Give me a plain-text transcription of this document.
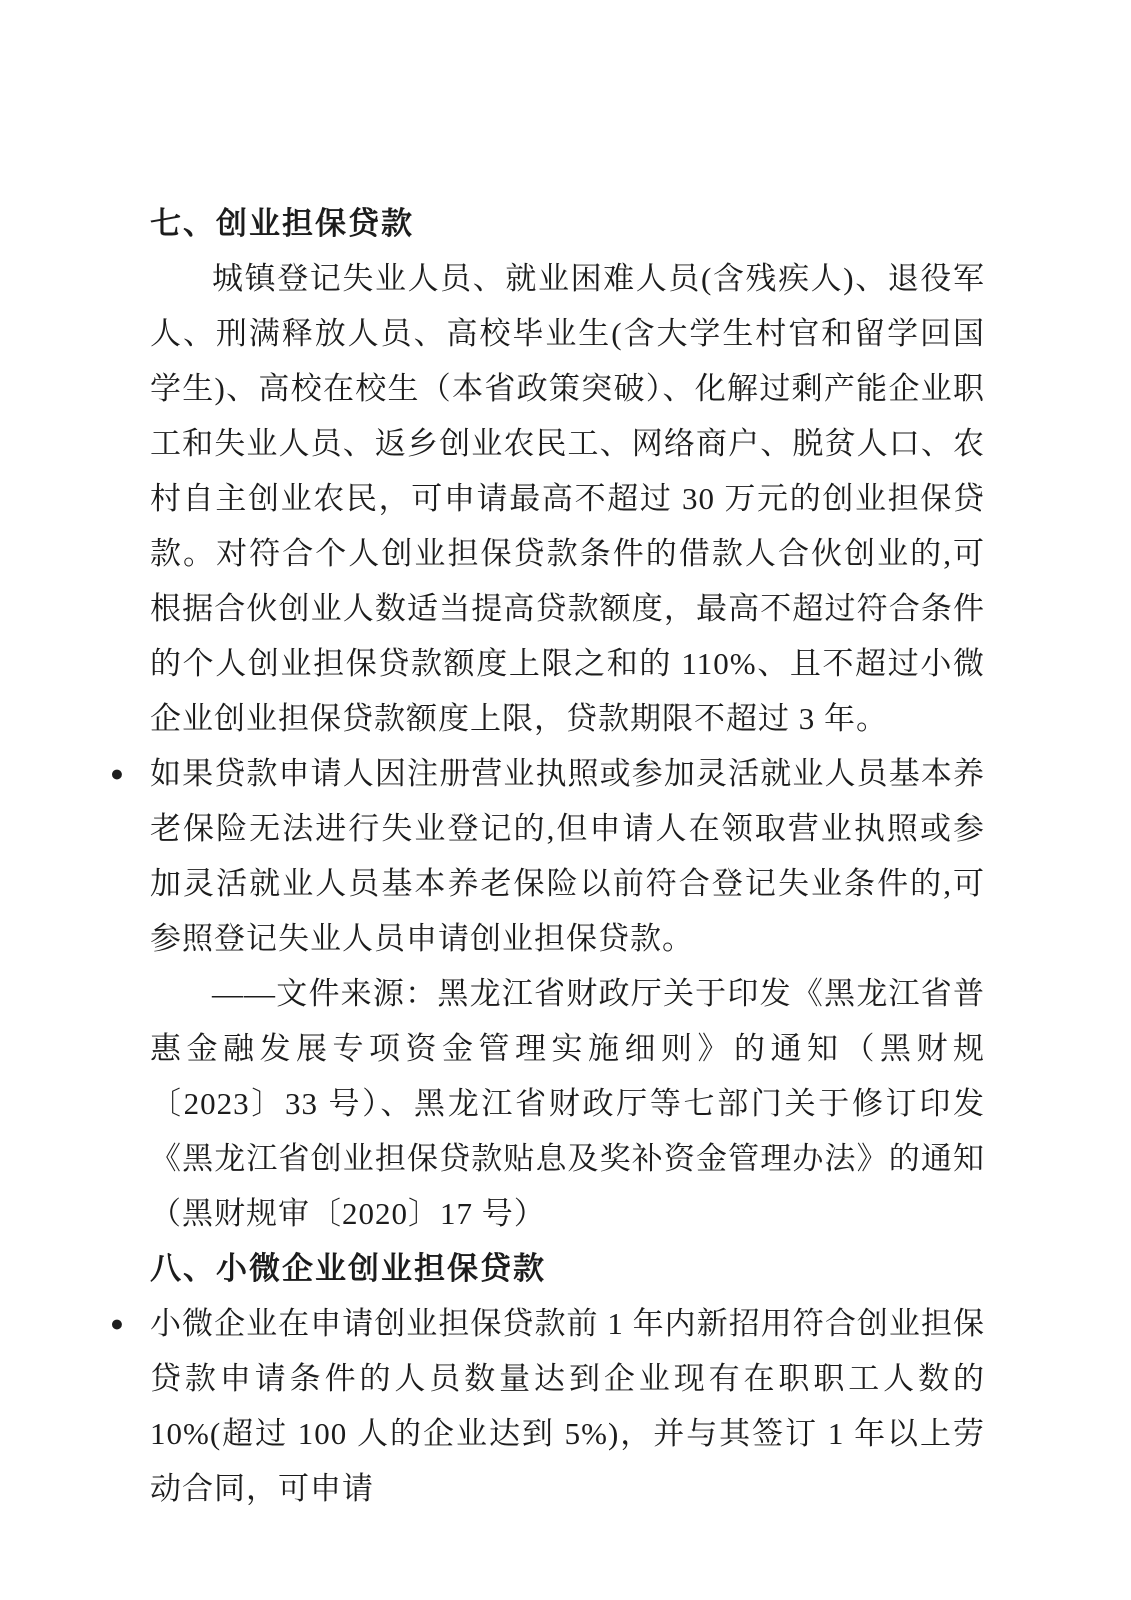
七、创业担保贷款

城镇登记失业人员、就业困难人员(含残疾人)、退役军人、刑满释放人员、高校毕业生(含大学生村官和留学回国学生)、高校在校生（本省政策突破）、化解过剩产能企业职工和失业人员、返乡创业农民工、网络商户、脱贫人口、农村自主创业农民，可申请最高不超过 30 万元的创业担保贷款。对符合个人创业担保贷款条件的借款人合伙创业的,可根据合伙创业人数适当提高贷款额度，最高不超过符合条件的个人创业担保贷款额度上限之和的 110%、且不超过小微企业创业担保贷款额度上限，贷款期限不超过 3 年。

● 如果贷款申请人因注册营业执照或参加灵活就业人员基本养老保险无法进行失业登记的,但申请人在领取营业执照或参加灵活就业人员基本养老保险以前符合登记失业条件的,可参照登记失业人员申请创业担保贷款。

——文件来源：黑龙江省财政厅关于印发《黑龙江省普惠金融发展专项资金管理实施细则》的通知（黑财规〔2023〕33 号）、黑龙江省财政厅等七部门关于修订印发《黑龙江省创业担保贷款贴息及奖补资金管理办法》的通知（黑财规审〔2020〕17 号）

八、小微企业创业担保贷款
● 小微企业在申请创业担保贷款前 1 年内新招用符合创业担保贷款申请条件的人员数量达到企业现有在职职工人数的 10%(超过 100 人的企业达到 5%)，并与其签订 1 年以上劳动合同，可申请
